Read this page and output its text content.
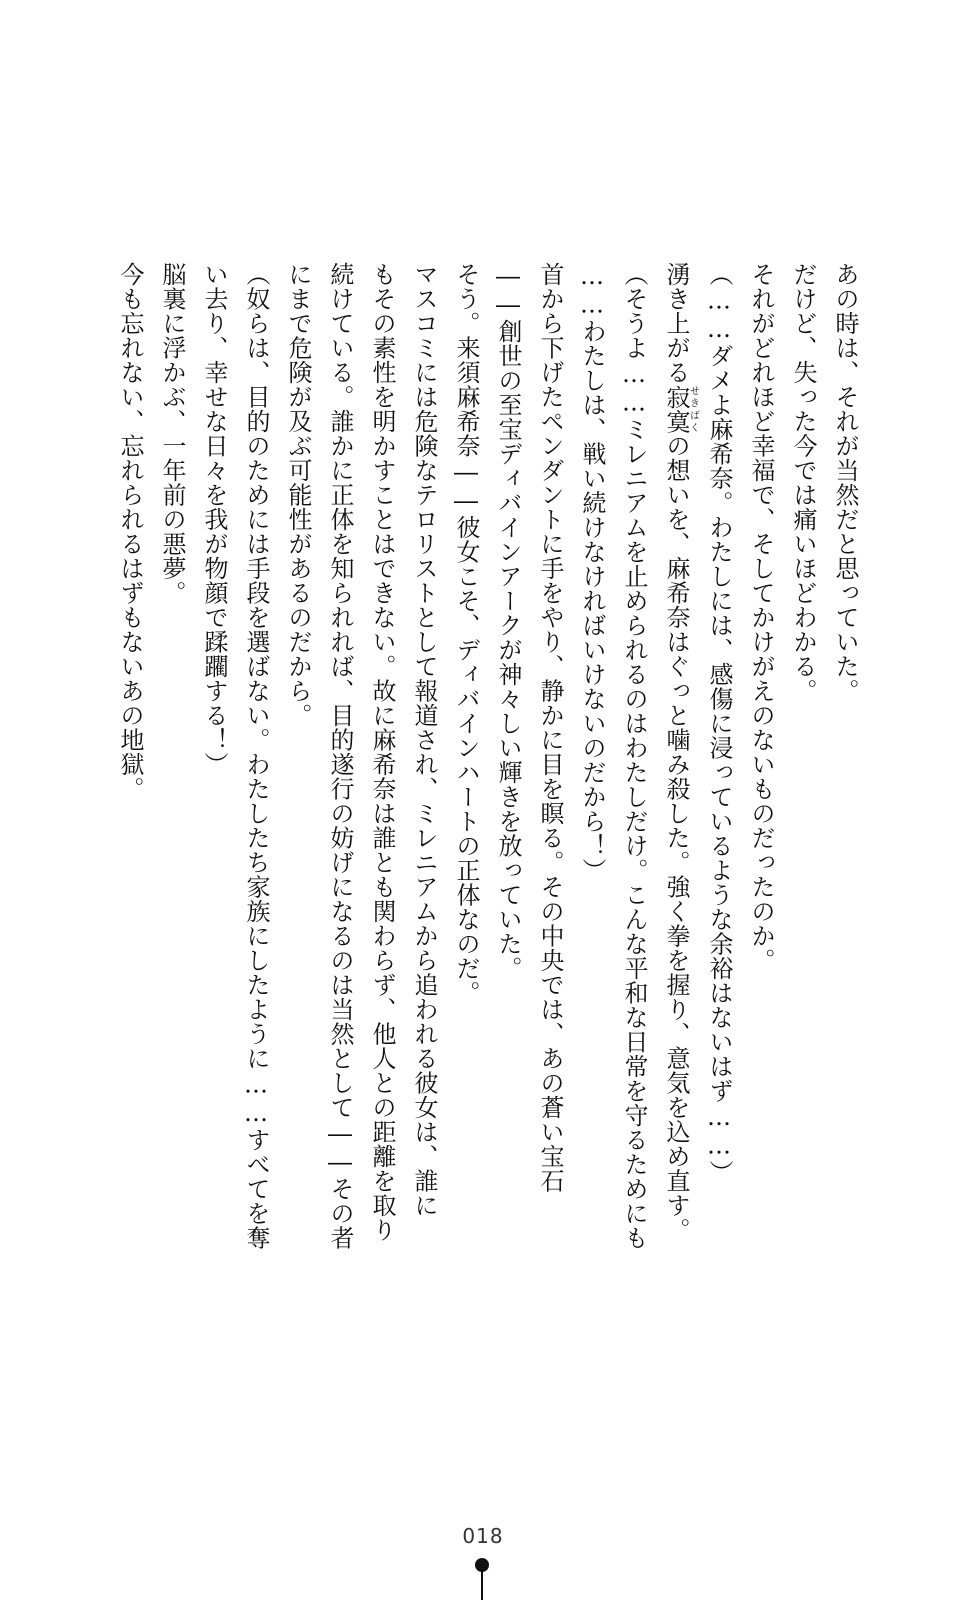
あの時は、それが当然だと思っていた。
だけど、失った今では痛いほどわかる。
それがどれほど幸福で、そしてかけがえのないものだったのか。
（……ダメよ麻希奈。わたしには、感傷に浸っているような余裕はないはず……）
湧き上がる寂寞せきばくの想いを、麻希奈はぐっと噛み殺した。強く拳を握り、意気を込め直す。
（そうよ……ミレニアムを止められるのはわたしだけ。こんな平和な日常を守るためにも
……わたしは、戦い続けなければいけないのだから！）
首から下げたペンダントに手をやり、静かに目を瞑る。その中央では、あの蒼い宝石
――創世の至宝ディバインアークが神々しい輝きを放っていた。
そう。来須麻希奈――彼女こそ、ディバインハートの正体なのだ。
マスコミには危険なテロリストとして報道され、ミレニアムから追われる彼女は、誰に
もその素性を明かすことはできない。故に麻希奈は誰とも関わらず、他人との距離を取り
続けている。誰かに正体を知られれば、目的遂行の妨げになるのは当然として――その者
にまで危険が及ぶ可能性があるのだから。
（奴らは、目的のためには手段を選ばない。わたしたち家族にしたように……すべてを奪
い去り、幸せな日々を我が物顔で蹂躙する！）
脳裏に浮かぶ、一年前の悪夢。
今も忘れない、忘れられるはずもないあの地獄。
018
